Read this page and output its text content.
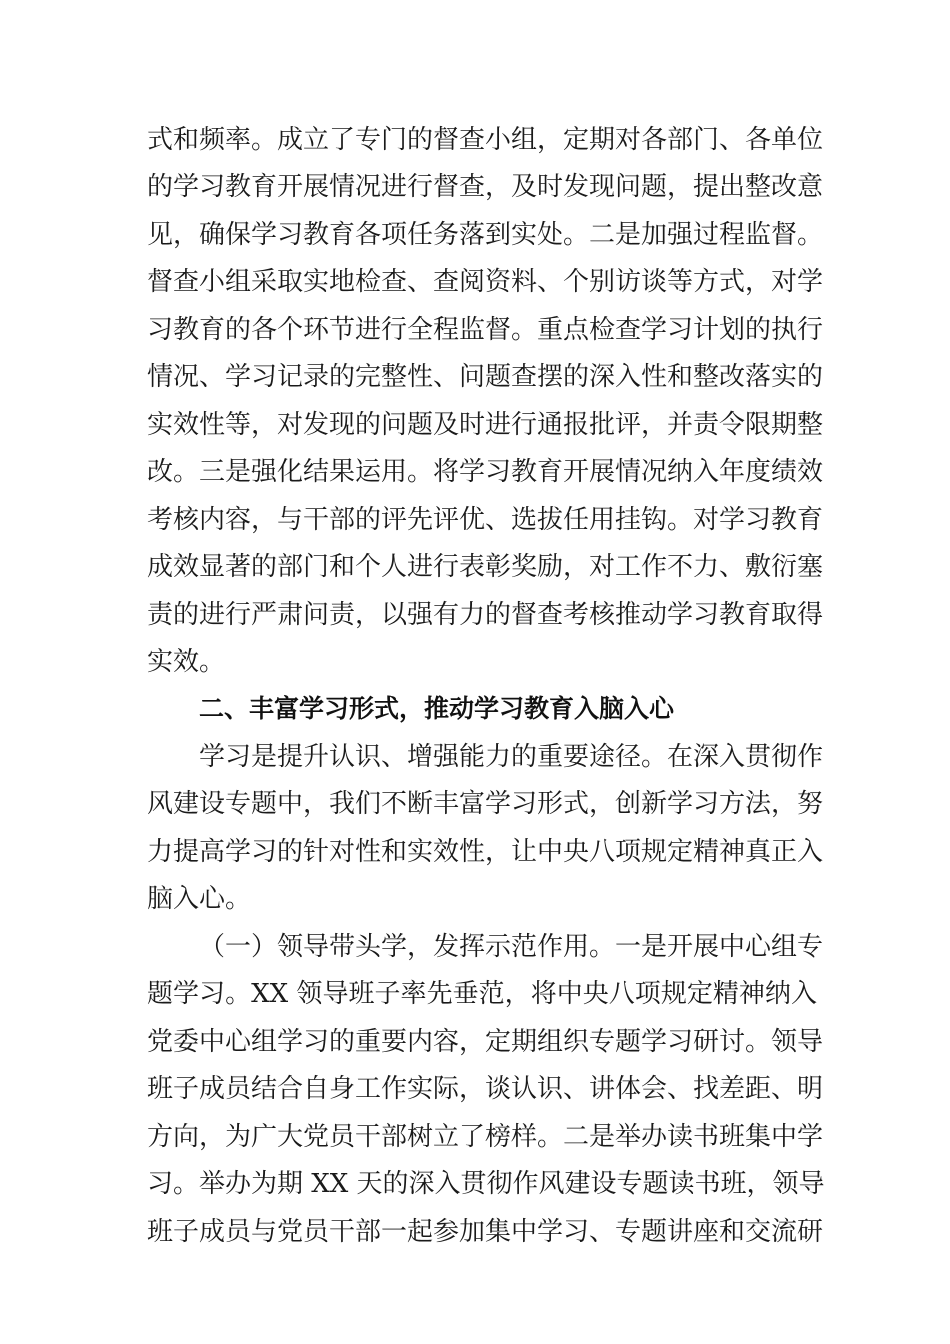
式和频率。成立了专门的督查小组，定期对各部门、各单位
的学习教育开展情况进行督查，及时发现问题，提出整改意
见，确保学习教育各项任务落到实处。二是加强过程监督。
督查小组采取实地检查、查阅资料、个别访谈等方式，对学
习教育的各个环节进行全程监督。重点检查学习计划的执行
情况、学习记录的完整性、问题查摆的深入性和整改落实的
实效性等，对发现的问题及时进行通报批评，并责令限期整
改。三是强化结果运用。将学习教育开展情况纳入年度绩效
考核内容，与干部的评先评优、选拔任用挂钩。对学习教育
成效显著的部门和个人进行表彰奖励，对工作不力、敷衍塞
责的进行严肃问责，以强有力的督查考核推动学习教育取得
实效。
二、丰富学习形式，推动学习教育入脑入心
学习是提升认识、增强能力的重要途径。在深入贯彻作
风建设专题中，我们不断丰富学习形式，创新学习方法，努
力提高学习的针对性和实效性，让中央八项规定精神真正入
脑入心。
（一）领导带头学，发挥示范作用。一是开展中心组专
题学习。XX 领导班子率先垂范，将中央八项规定精神纳入
党委中心组学习的重要内容，定期组织专题学习研讨。领导
班子成员结合自身工作实际，谈认识、讲体会、找差距、明
方向，为广大党员干部树立了榜样。二是举办读书班集中学
习。举办为期 XX 天的深入贯彻作风建设专题读书班，领导
班子成员与党员干部一起参加集中学习、专题讲座和交流研
